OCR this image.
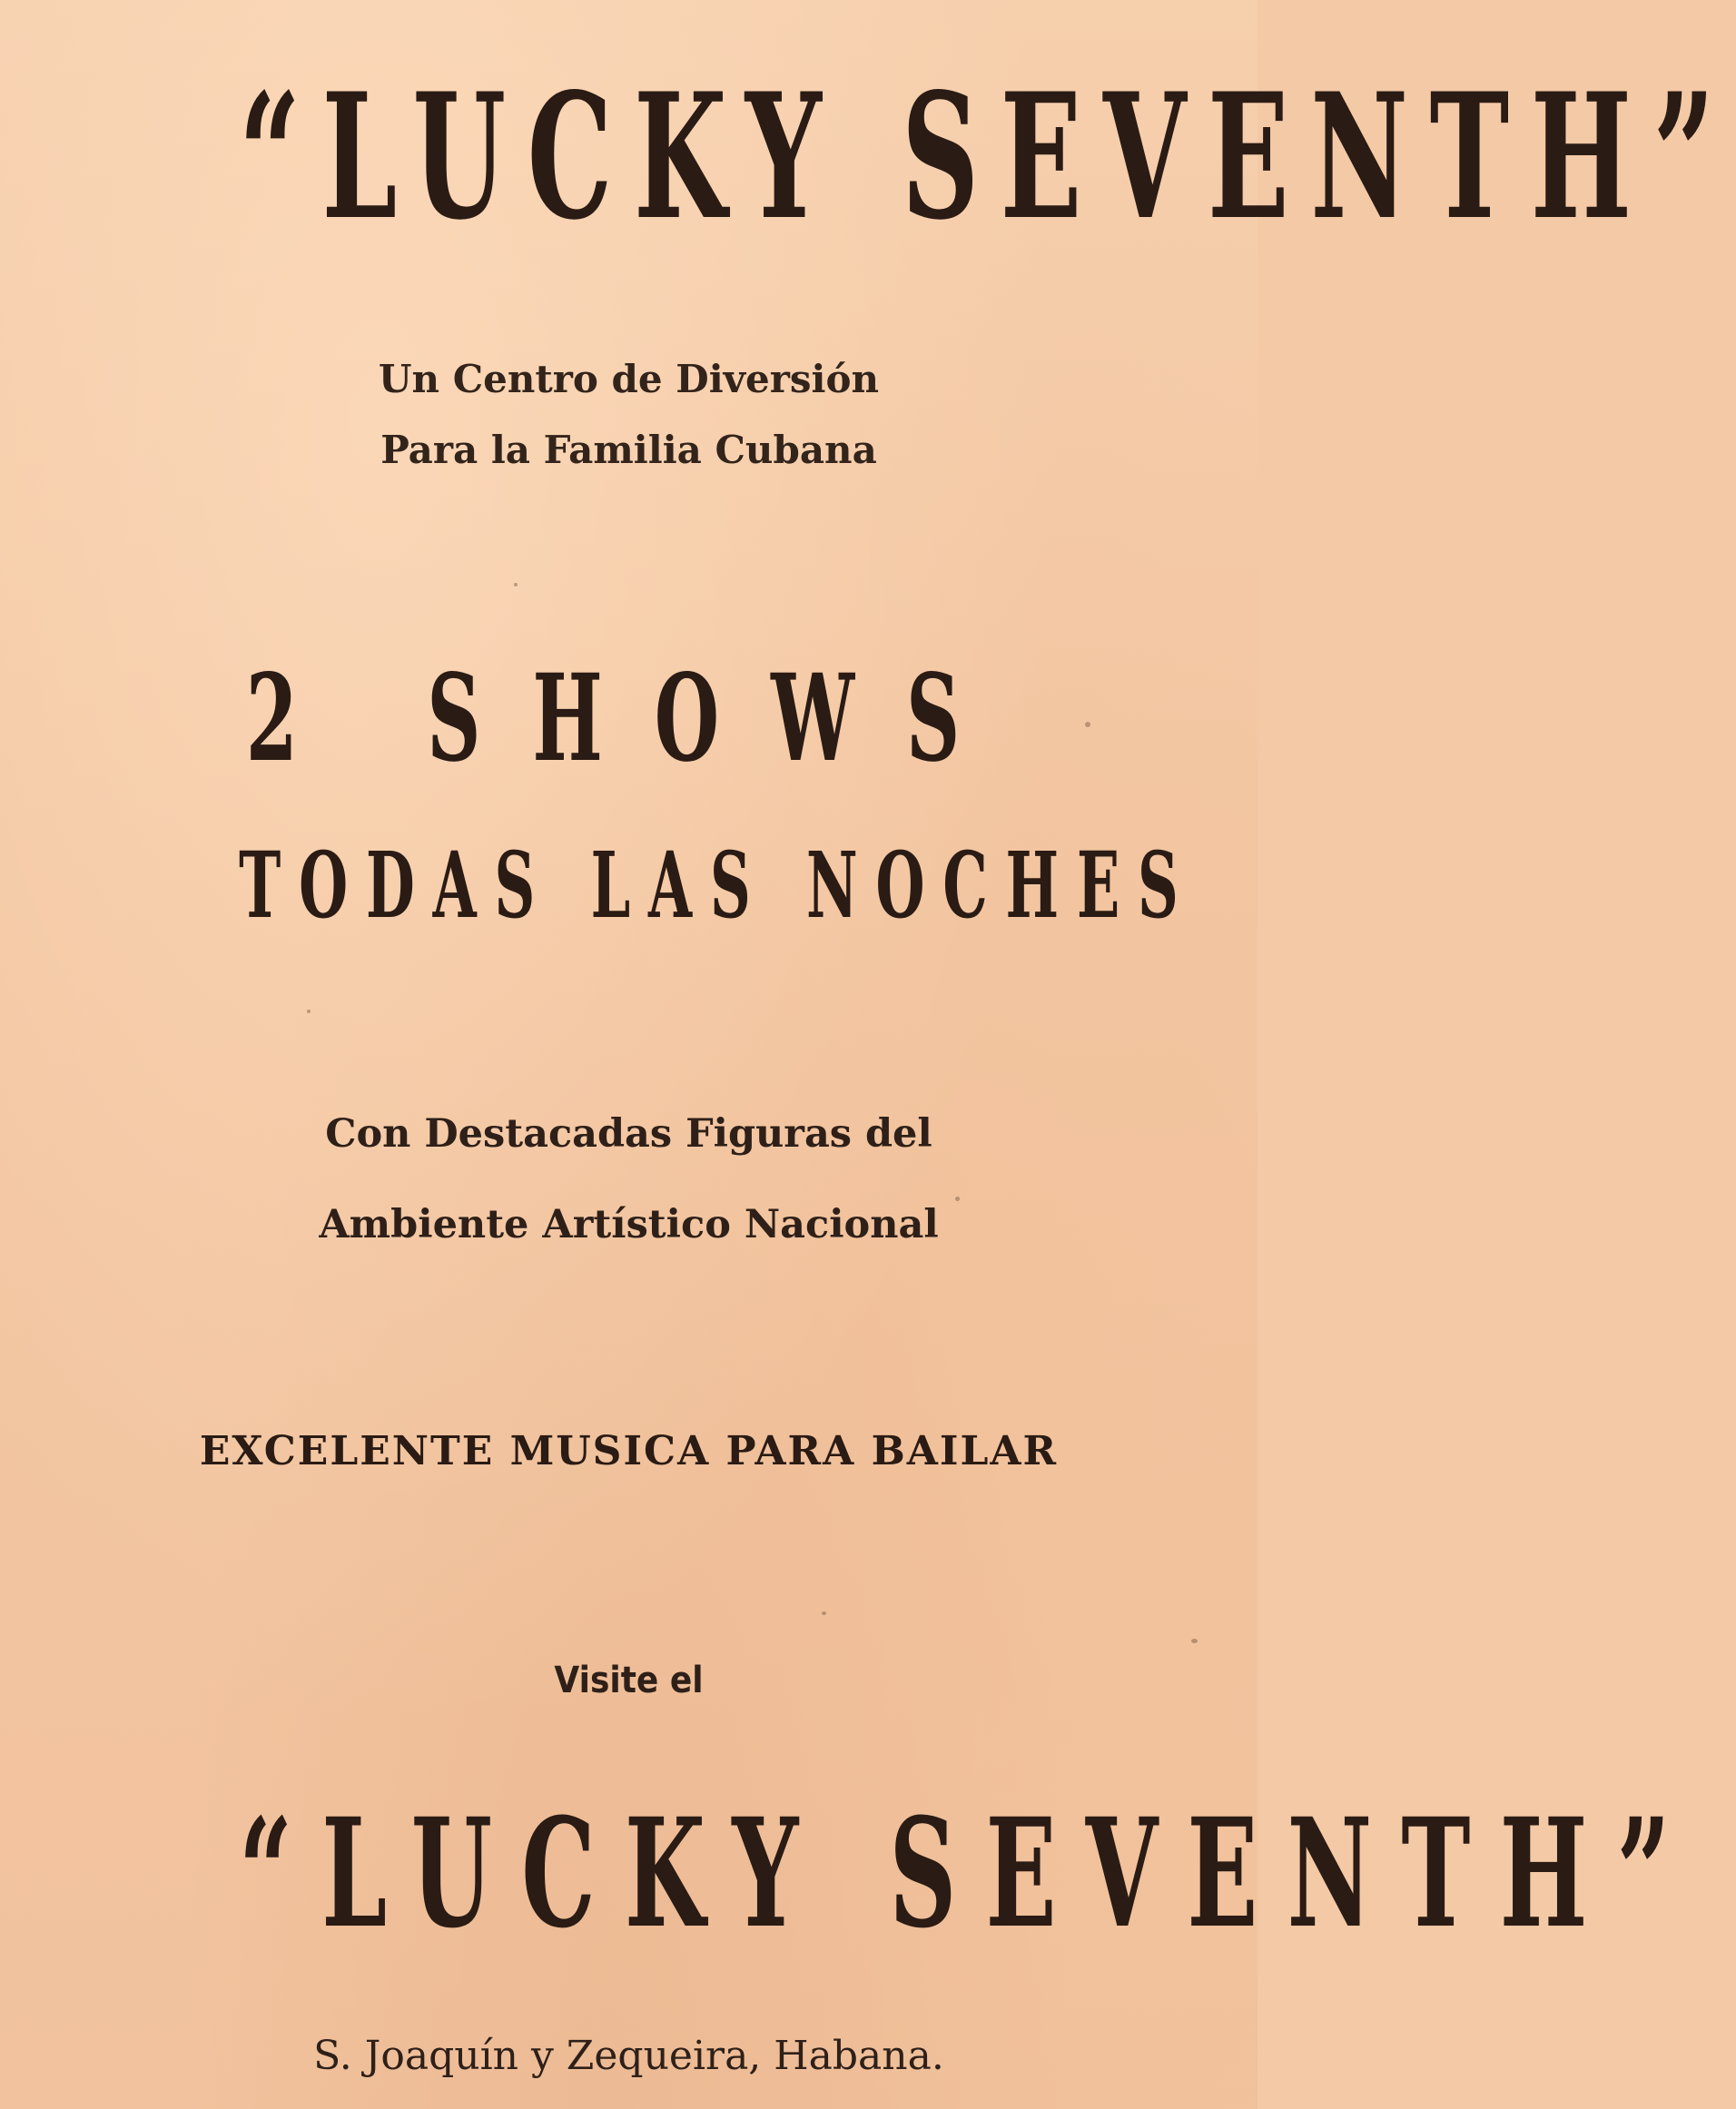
“LUCKY SEVENTH”
Un Centro de Diversión
Para la Familia Cubana
2 SHOWS
TODAS LAS NOCHES
Con Destacadas Figuras del
Ambiente Artístico Nacional
EXCELENTE MUSICA PARA BAILAR
Visite el
“LUCKY SEVENTH”
S. Joaquín y Zequeira, Habana.
